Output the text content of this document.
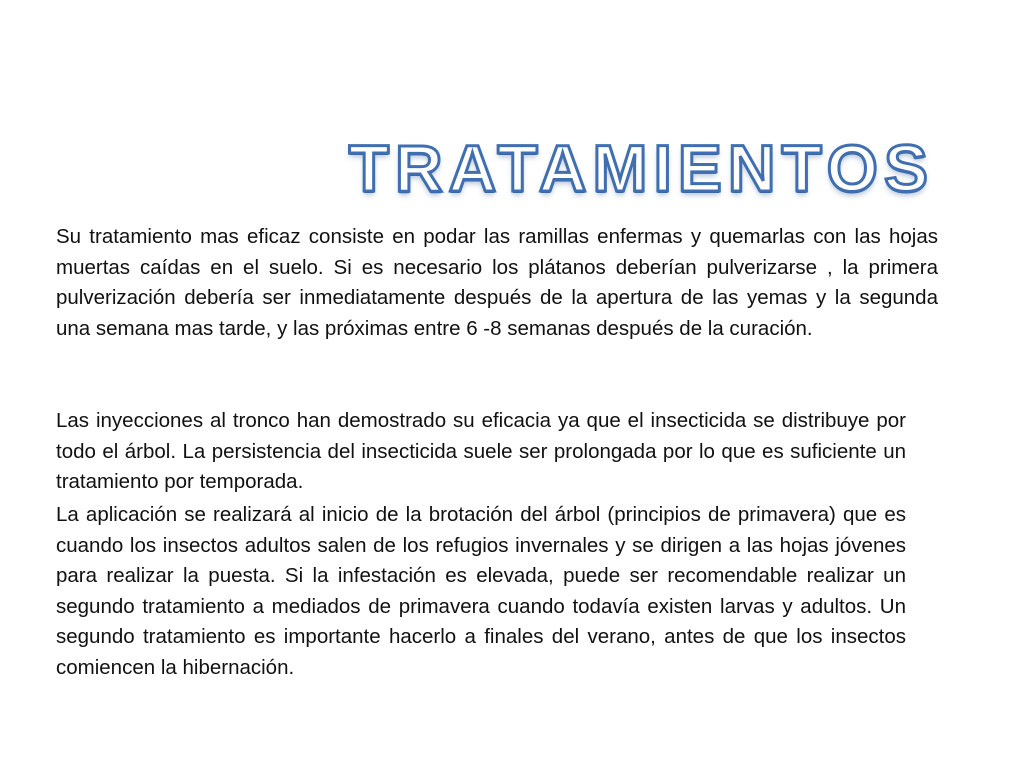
TRATAMIENTOS

Su tratamiento mas eficaz consiste en podar las ramillas enfermas y quemarlas con las hojas muertas caídas en el suelo. Si es necesario los plátanos deberían pulverizarse , la primera pulverización debería ser inmediatamente después de la apertura de las yemas y la segunda una semana mas tarde, y las próximas entre 6 -8 semanas después de la curación.

Las inyecciones al tronco han demostrado su eficacia ya que el insecticida se distribuye por todo el árbol. La persistencia del insecticida suele ser prolongada por lo que es suficiente un tratamiento por temporada.

La aplicación se realizará al inicio de la brotación del árbol (principios de primavera) que es cuando los insectos adultos salen de los refugios invernales y se dirigen a las hojas jóvenes para realizar la puesta. Si la infestación es elevada, puede ser recomendable realizar un segundo tratamiento a mediados de primavera cuando todavía existen larvas y adultos. Un segundo tratamiento es importante hacerlo a finales del verano, antes de que los insectos comiencen la hibernación.
